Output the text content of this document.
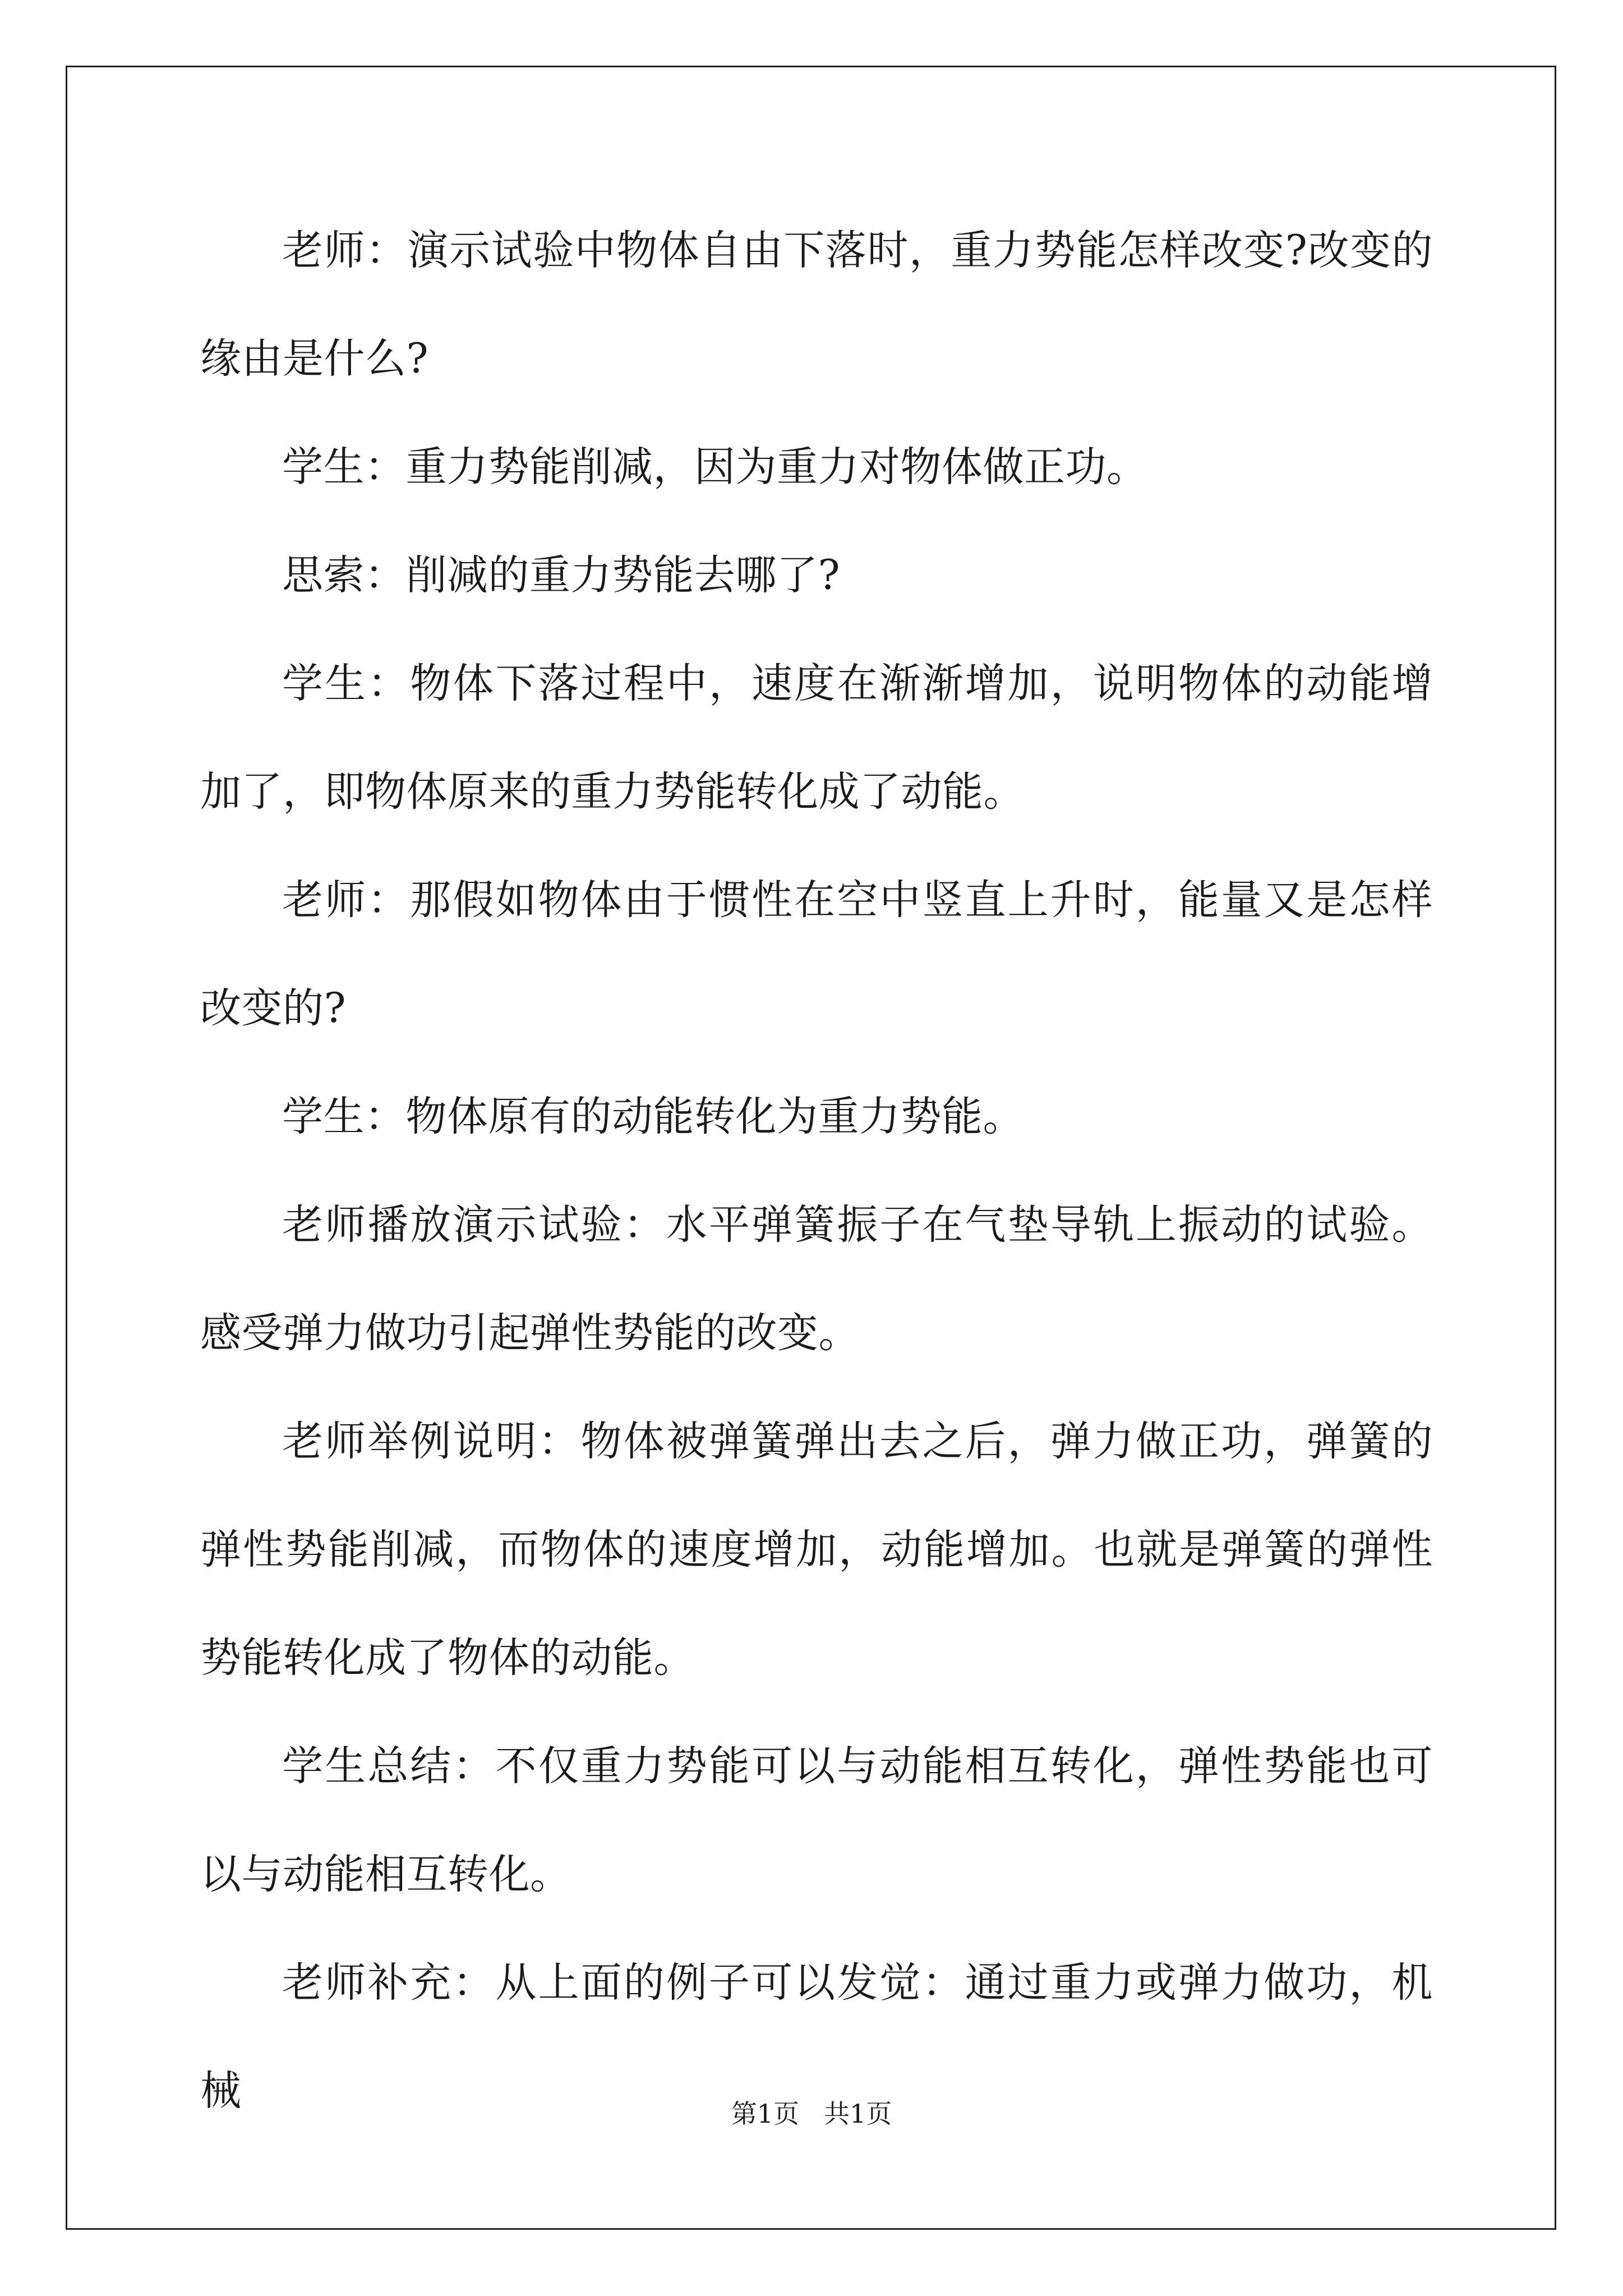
老师：演示试验中物体自由下落时，重力势能怎样改变?改变的缘由是什么?

学生：重力势能削减，因为重力对物体做正功。

思索：削减的重力势能去哪了?

学生：物体下落过程中，速度在渐渐增加，说明物体的动能增加了，即物体原来的重力势能转化成了动能。

老师：那假如物体由于惯性在空中竖直上升时，能量又是怎样改变的?

学生：物体原有的动能转化为重力势能。

老师播放演示试验：水平弹簧振子在气垫导轨上振动的试验。感受弹力做功引起弹性势能的改变。

老师举例说明：物体被弹簧弹出去之后，弹力做正功，弹簧的弹性势能削减，而物体的速度增加，动能增加。也就是弹簧的弹性势能转化成了物体的动能。

学生总结：不仅重力势能可以与动能相互转化，弹性势能也可以与动能相互转化。

老师补充：从上面的例子可以发觉：通过重力或弹力做功，机械	第1页 共1页
